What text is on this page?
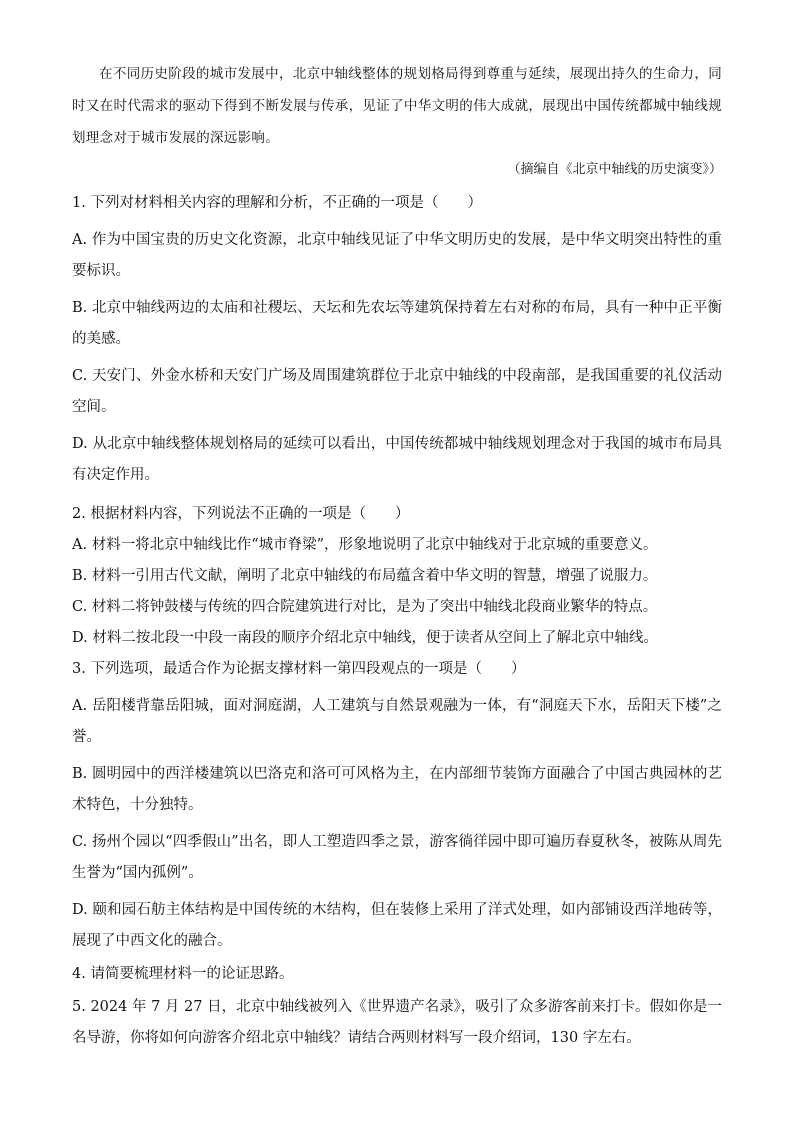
在不同历史阶段的城市发展中，北京中轴线整体的规划格局得到尊重与延续，展现出持久的生命力，同时又在时代需求的驱动下得到不断发展与传承，见证了中华文明的伟大成就，展现出中国传统都城中轴线规划理念对于城市发展的深远影响。

（摘编自《北京中轴线的历史演变》）

1. 下列对材料相关内容的理解和分析，不正确的一项是（　　）

A. 作为中国宝贵的历史文化资源，北京中轴线见证了中华文明历史的发展，是中华文明突出特性的重要标识。

B. 北京中轴线两边的太庙和社稷坛、天坛和先农坛等建筑保持着左右对称的布局，具有一种中正平衡的美感。

C. 天安门、外金水桥和天安门广场及周围建筑群位于北京中轴线的中段南部，是我国重要的礼仪活动空间。

D. 从北京中轴线整体规划格局的延续可以看出，中国传统都城中轴线规划理念对于我国的城市布局具有决定作用。

2. 根据材料内容，下列说法不正确的一项是（　　）

A. 材料一将北京中轴线比作“城市脊梁”，形象地说明了北京中轴线对于北京城的重要意义。

B. 材料一引用古代文献，阐明了北京中轴线的布局蕴含着中华文明的智慧，增强了说服力。

C. 材料二将钟鼓楼与传统的四合院建筑进行对比，是为了突出中轴线北段商业繁华的特点。

D. 材料二按北段一中段一南段的顺序介绍北京中轴线，便于读者从空间上了解北京中轴线。

3. 下列选项，最适合作为论据支撑材料一第四段观点的一项是（　　）

A. 岳阳楼背靠岳阳城，面对洞庭湖，人工建筑与自然景观融为一体，有“洞庭天下水，岳阳天下楼”之誉。

B. 圆明园中的西洋楼建筑以巴洛克和洛可可风格为主，在内部细节装饰方面融合了中国古典园林的艺术特色，十分独特。

C. 扬州个园以“四季假山”出名，即人工塑造四季之景，游客徜徉园中即可遍历春夏秋冬，被陈从周先生誉为“国内孤例”。

D. 颐和园石舫主体结构是中国传统的木结构，但在装修上采用了洋式处理，如内部铺设西洋地砖等，展现了中西文化的融合。

4. 请简要梳理材料一的论证思路。

5. 2024 年 7 月 27 日，北京中轴线被列入《世界遗产名录》，吸引了众多游客前来打卡。假如你是一名导游，你将如何向游客介绍北京中轴线？请结合两则材料写一段介绍词，130 字左右。
